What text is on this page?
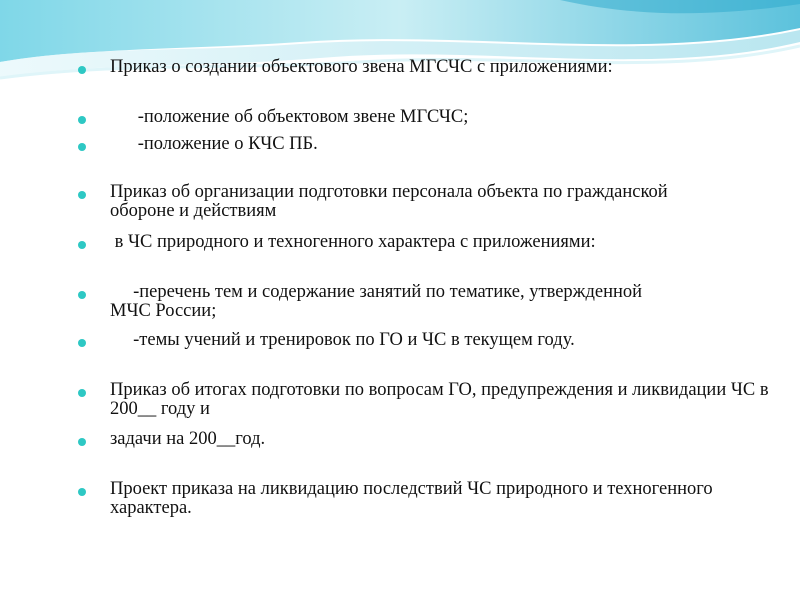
Приказ о создании объектового звена МГСЧС с приложениями:
-положение об объектовом звене МГСЧС;
-положение о КЧС ПБ.
Приказ об организации подготовки персонала объекта по гражданской обороне и действиям
в ЧС природного и техногенного характера с приложениями:
-перечень тем и содержание занятий по тематике, утвержденной МЧС России;
-темы учений и тренировок по ГО и ЧС в текущем году.
Приказ об итогах подготовки по вопросам ГО, предупреждения и ликвидации ЧС в 200__ году и
задачи на 200__год.
Проект приказа на ликвидацию последствий ЧС природного и техногенного характера.
